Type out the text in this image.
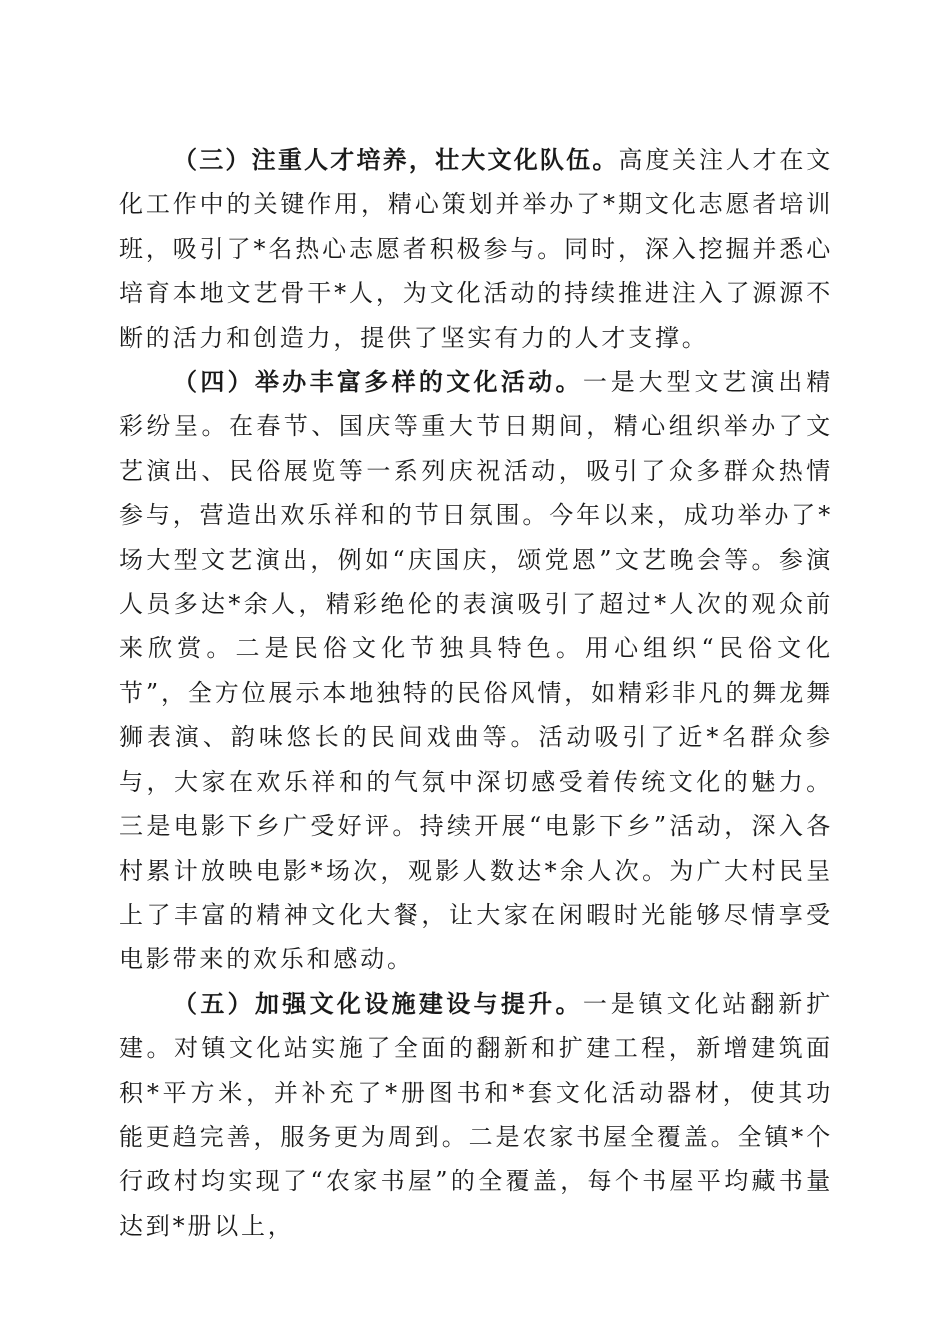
（三）注重人才培养，壮大文化队伍。高度关注人才在文化工作中的关键作用，精心策划并举办了*期文化志愿者培训班，吸引了*名热心志愿者积极参与。同时，深入挖掘并悉心培育本地文艺骨干*人，为文化活动的持续推进注入了源源不断的活力和创造力，提供了坚实有力的人才支撑。

（四）举办丰富多样的文化活动。一是大型文艺演出精彩纷呈。在春节、国庆等重大节日期间，精心组织举办了文艺演出、民俗展览等一系列庆祝活动，吸引了众多群众热情参与，营造出欢乐祥和的节日氛围。今年以来，成功举办了*场大型文艺演出，例如“庆国庆，颂党恩”文艺晚会等。参演人员多达*余人，精彩绝伦的表演吸引了超过*人次的观众前来欣赏。二是民俗文化节独具特色。用心组织“民俗文化节”，全方位展示本地独特的民俗风情，如精彩非凡的舞龙舞狮表演、韵味悠长的民间戏曲等。活动吸引了近*名群众参与，大家在欢乐祥和的气氛中深切感受着传统文化的魅力。三是电影下乡广受好评。持续开展“电影下乡”活动，深入各村累计放映电影*场次，观影人数达*余人次。为广大村民呈上了丰富的精神文化大餐，让大家在闲暇时光能够尽情享受电影带来的欢乐和感动。

（五）加强文化设施建设与提升。一是镇文化站翻新扩建。对镇文化站实施了全面的翻新和扩建工程，新增建筑面积*平方米，并补充了*册图书和*套文化活动器材，使其功能更趋完善，服务更为周到。二是农家书屋全覆盖。全镇*个行政村均实现了“农家书屋”的全覆盖，每个书屋平均藏书量达到*册以上，
